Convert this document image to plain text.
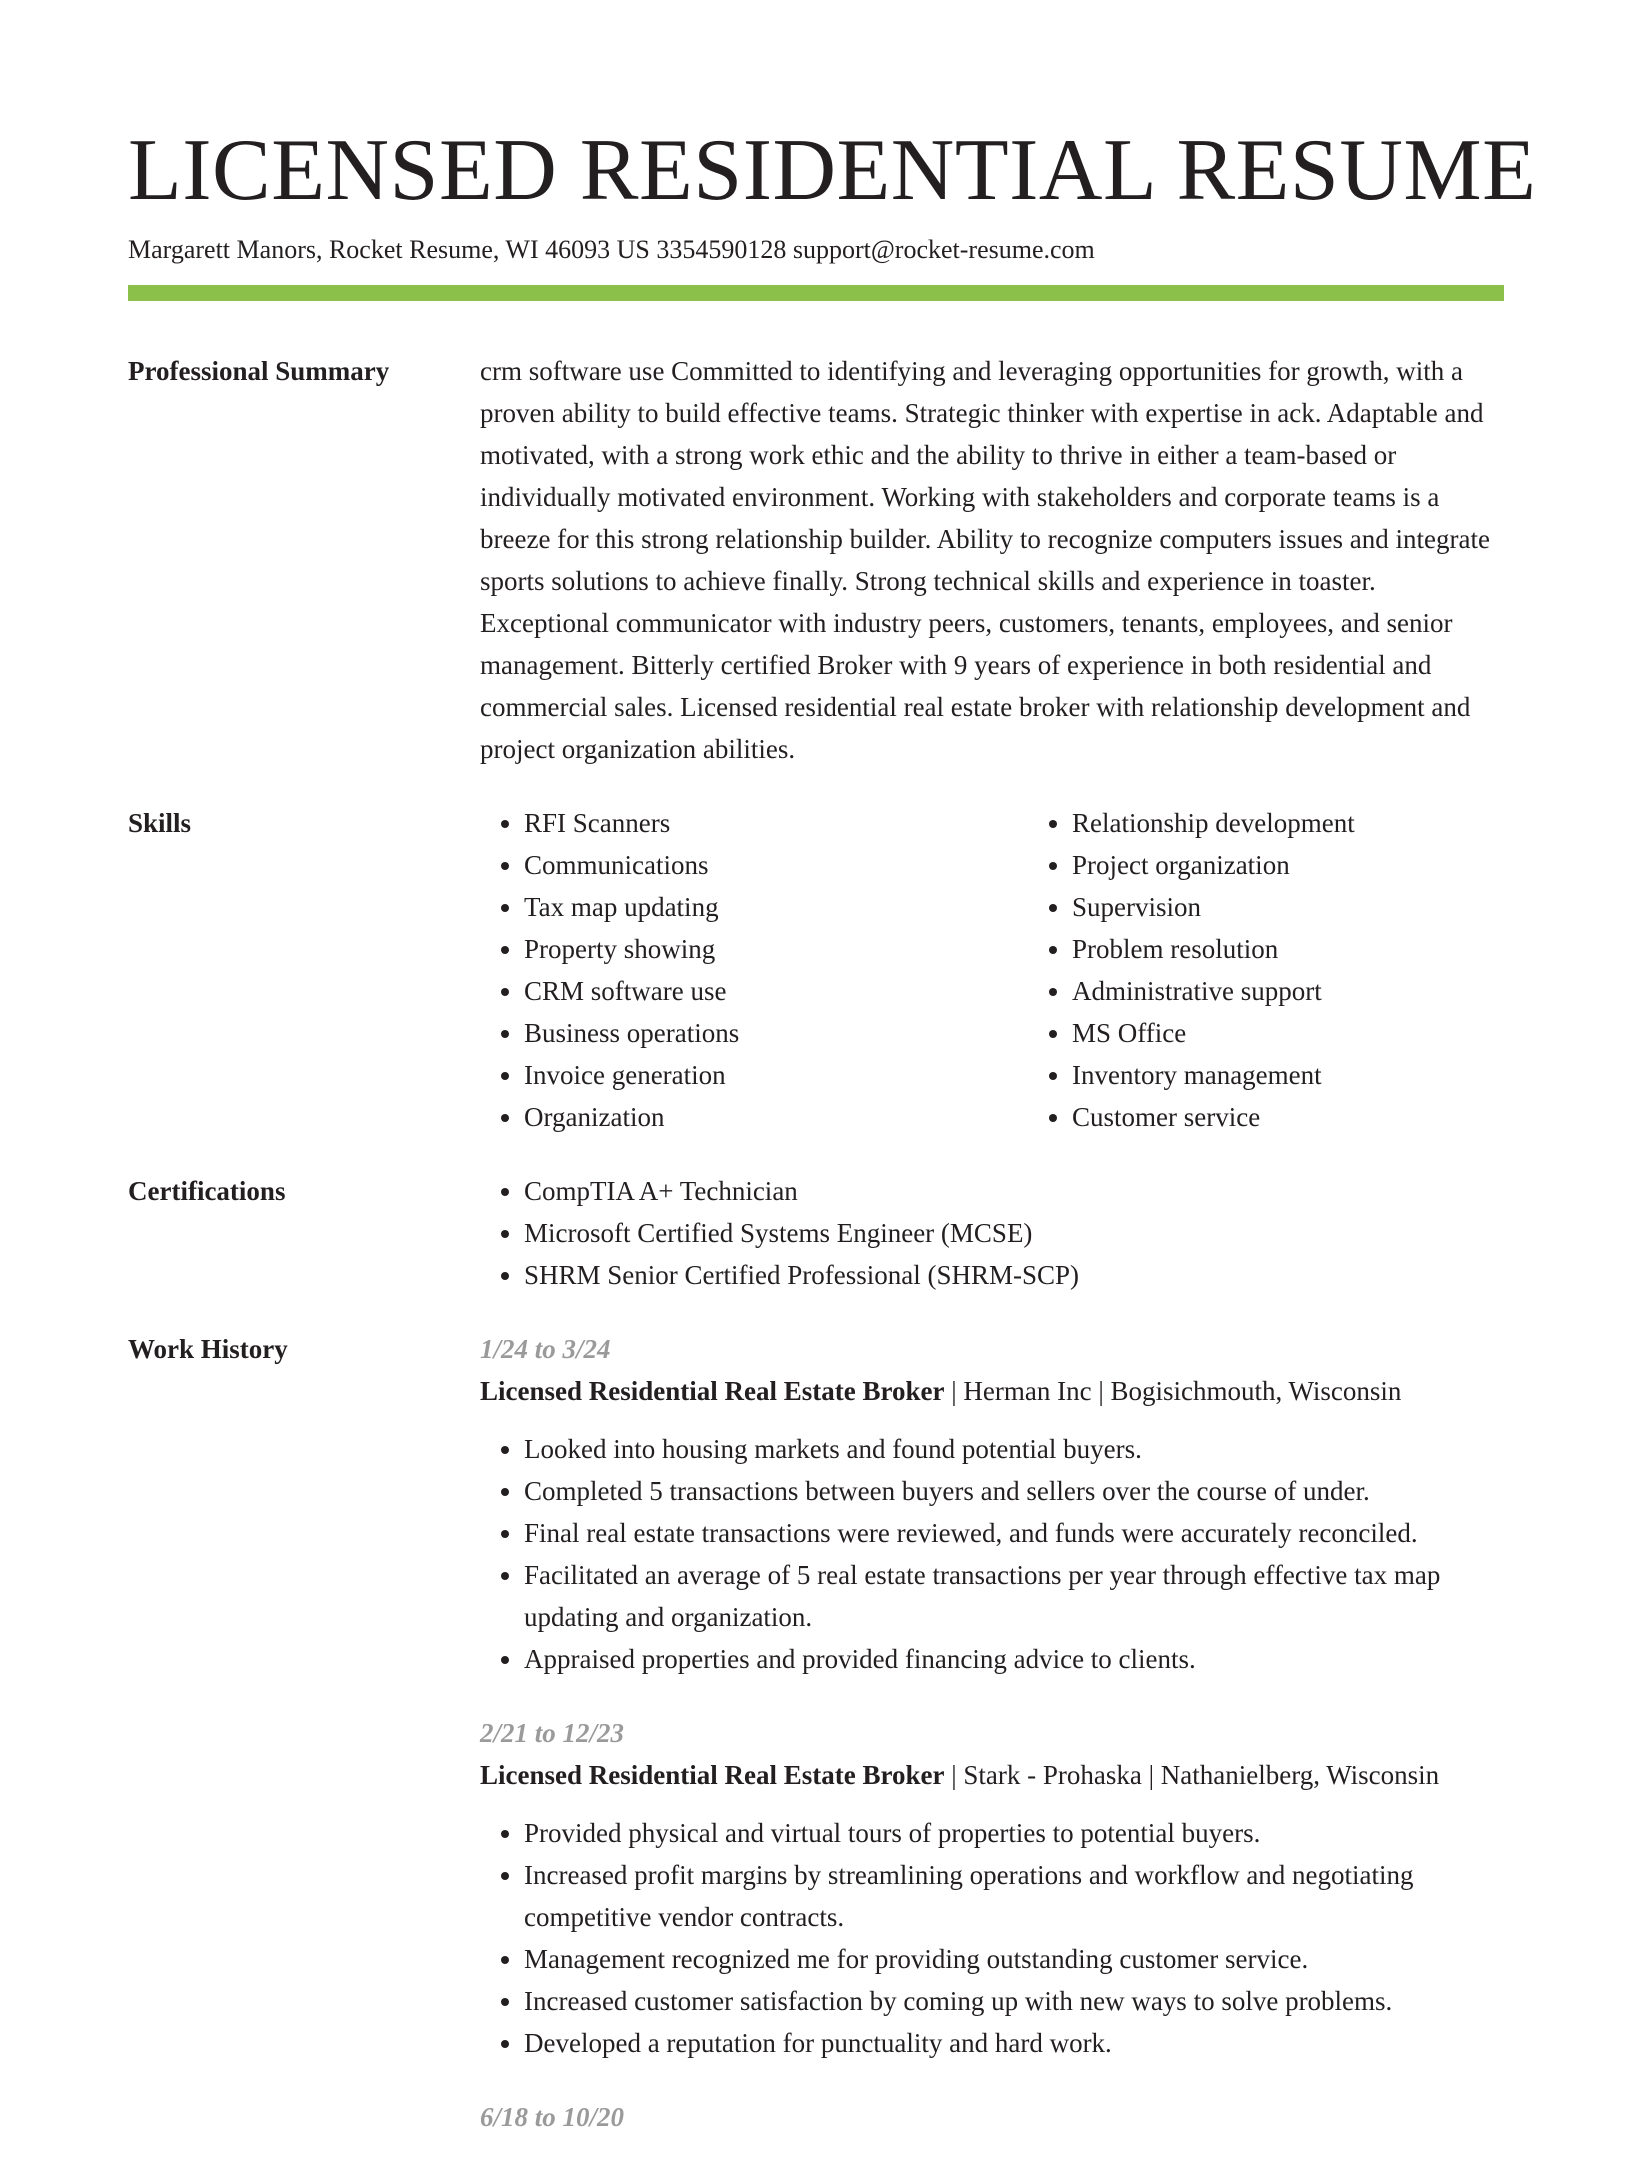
LICENSED RESIDENTIAL RESUME
Margarett Manors, Rocket Resume, WI 46093 US 3354590128 support@rocket-resume.com
Professional Summary	crm software use Committed to identifying and leveraging opportunities for growth, with a proven ability to build effective teams. Strategic thinker with expertise in ack. Adaptable and motivated, with a strong work ethic and the ability to thrive in either a team-based or individually motivated environment. Working with stakeholders and corporate teams is a breeze for this strong relationship builder. Ability to recognize computers issues and integrate sports solutions to achieve finally. Strong technical skills and experience in toaster. Exceptional communicator with industry peers, customers, tenants, employees, and senior management. Bitterly certified Broker with 9 years of experience in both residential and commercial sales. Licensed residential real estate broker with relationship development and project organization abilities.

Skills	• RFI Scanners
• Communications
• Tax map updating
• Property showing
• CRM software use
• Business operations
• Invoice generation
• Organization
• Relationship development
• Project organization
• Supervision
• Problem resolution
• Administrative support
• MS Office
• Inventory management
• Customer service
Certifications	• CompTIA A+ Technician
• Microsoft Certified Systems Engineer (MCSE)
• SHRM Senior Certified Professional (SHRM-SCP)
Work History	1/24 to 3/24
Licensed Residential Real Estate Broker | Herman Inc | Bogisichmouth, Wisconsin
• Looked into housing markets and found potential buyers.
• Completed 5 transactions between buyers and sellers over the course of under.
• Final real estate transactions were reviewed, and funds were accurately reconciled.
• Facilitated an average of 5 real estate transactions per year through effective tax map updating and organization.
• Appraised properties and provided financing advice to clients.
2/21 to 12/23
Licensed Residential Real Estate Broker | Stark - Prohaska | Nathanielberg, Wisconsin
• Provided physical and virtual tours of properties to potential buyers.
• Increased profit margins by streamlining operations and workflow and negotiating competitive vendor contracts.
• Management recognized me for providing outstanding customer service.
• Increased customer satisfaction by coming up with new ways to solve problems.
• Developed a reputation for punctuality and hard work.
6/18 to 10/20
